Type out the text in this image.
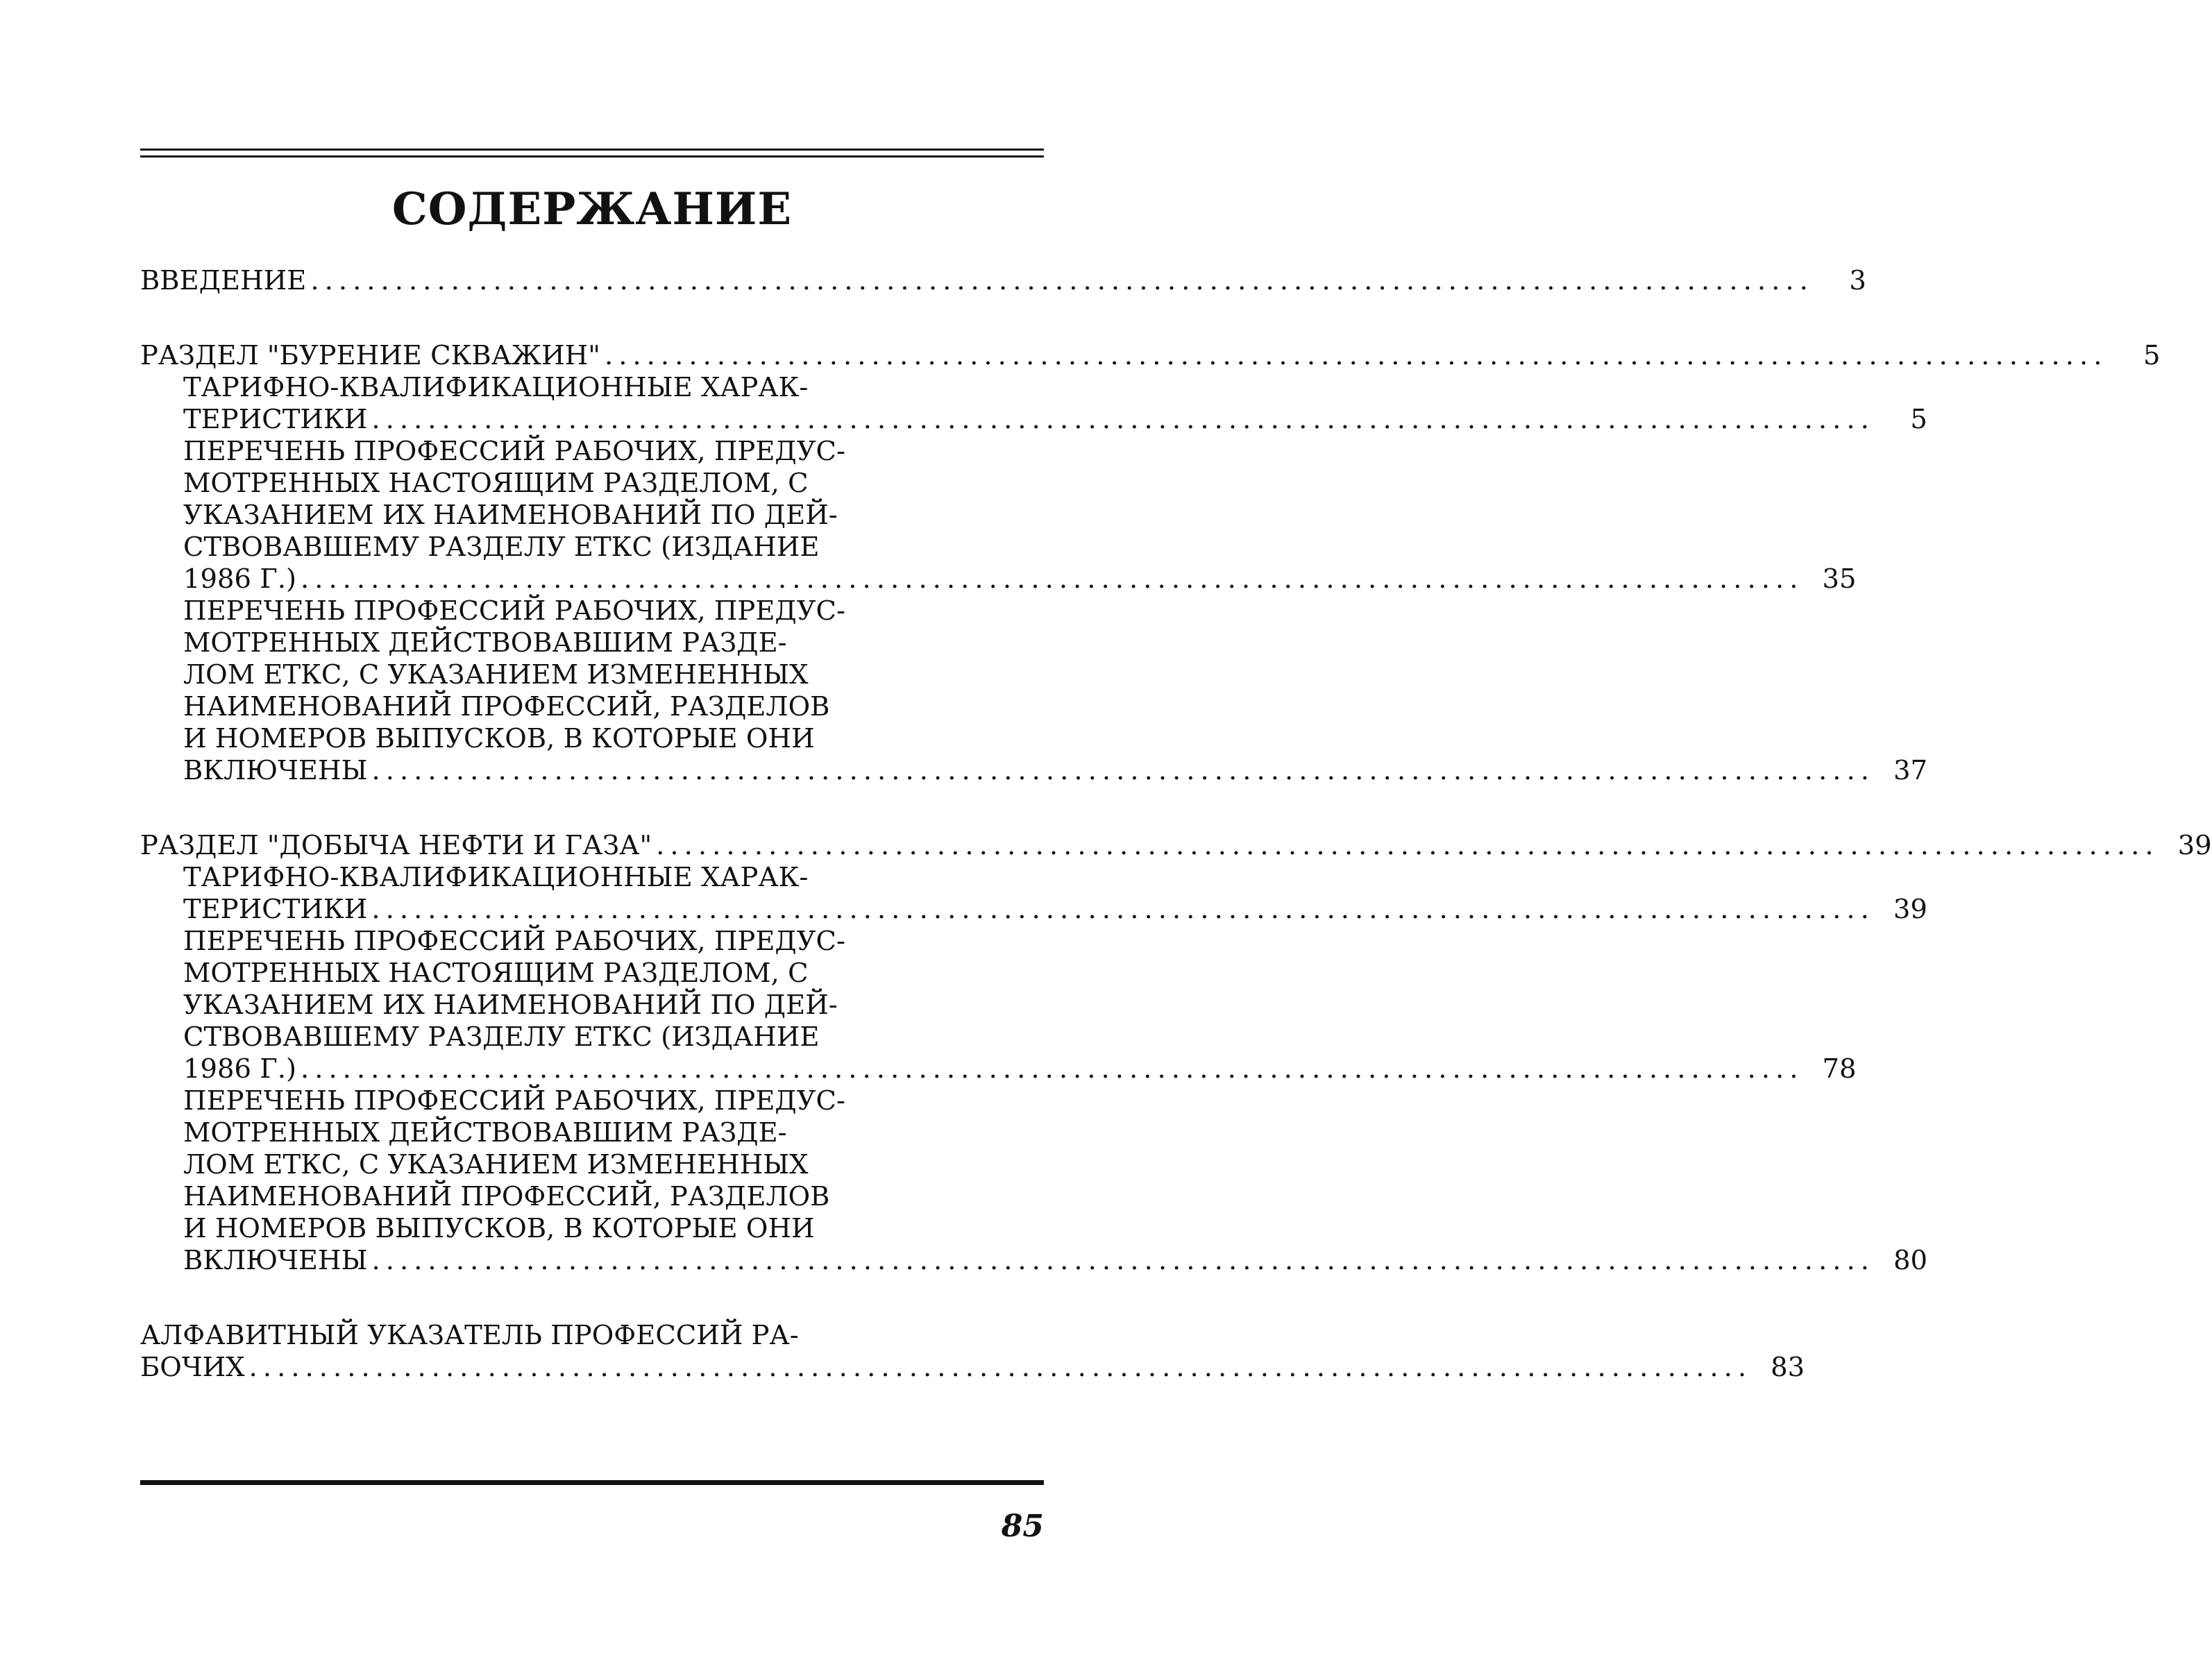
СОДЕРЖАНИЕ
ВВЕДЕНИЕ ...........................................................................................................	3
РАЗДЕЛ "БУРЕНИЕ СКВАЖИН" ...........................................................................................................	5
ТАРИФНО-КВАЛИФИКАЦИОННЫЕ ХАРАК-
ТЕРИСТИКИ ...........................................................................................................	5
ПЕРЕЧЕНЬ ПРОФЕССИЙ РАБОЧИХ, ПРЕДУС-
МОТРЕННЫХ НАСТОЯЩИМ РАЗДЕЛОМ, С
УКАЗАНИЕМ ИХ НАИМЕНОВАНИЙ ПО ДЕЙ-
СТВОВАВШЕМУ РАЗДЕЛУ ЕТКС (ИЗДАНИЕ
1986 Г.) ........................................................................................................... 35
ПЕРЕЧЕНЬ ПРОФЕССИЙ РАБОЧИХ, ПРЕДУС-
МОТРЕННЫХ ДЕЙСТВОВАВШИМ РАЗДЕ-
ЛОМ ЕТКС, С УКАЗАНИЕМ ИЗМЕНЕННЫХ
НАИМЕНОВАНИЙ ПРОФЕССИЙ, РАЗДЕЛОВ
И НОМЕРОВ ВЫПУСКОВ, В КОТОРЫЕ ОНИ
ВКЛЮЧЕНЫ ........................................................................................................... 37
РАЗДЕЛ "ДОБЫЧА НЕФТИ И ГАЗА" ........................................................................................................... 39
ТАРИФНО-КВАЛИФИКАЦИОННЫЕ ХАРАК-
ТЕРИСТИКИ ........................................................................................................... 39
ПЕРЕЧЕНЬ ПРОФЕССИЙ РАБОЧИХ, ПРЕДУС-
МОТРЕННЫХ НАСТОЯЩИМ РАЗДЕЛОМ, С
УКАЗАНИЕМ ИХ НАИМЕНОВАНИЙ ПО ДЕЙ-
СТВОВАВШЕМУ РАЗДЕЛУ ЕТКС (ИЗДАНИЕ
1986 Г.) ........................................................................................................... 78
ПЕРЕЧЕНЬ ПРОФЕССИЙ РАБОЧИХ, ПРЕДУС-
МОТРЕННЫХ ДЕЙСТВОВАВШИМ РАЗДЕ-
ЛОМ ЕТКС, С УКАЗАНИЕМ ИЗМЕНЕННЫХ
НАИМЕНОВАНИЙ ПРОФЕССИЙ, РАЗДЕЛОВ
И НОМЕРОВ ВЫПУСКОВ, В КОТОРЫЕ ОНИ
ВКЛЮЧЕНЫ ........................................................................................................... 80
АЛФАВИТНЫЙ УКАЗАТЕЛЬ ПРОФЕССИЙ РА-
БОЧИХ ........................................................................................................... 83
85
